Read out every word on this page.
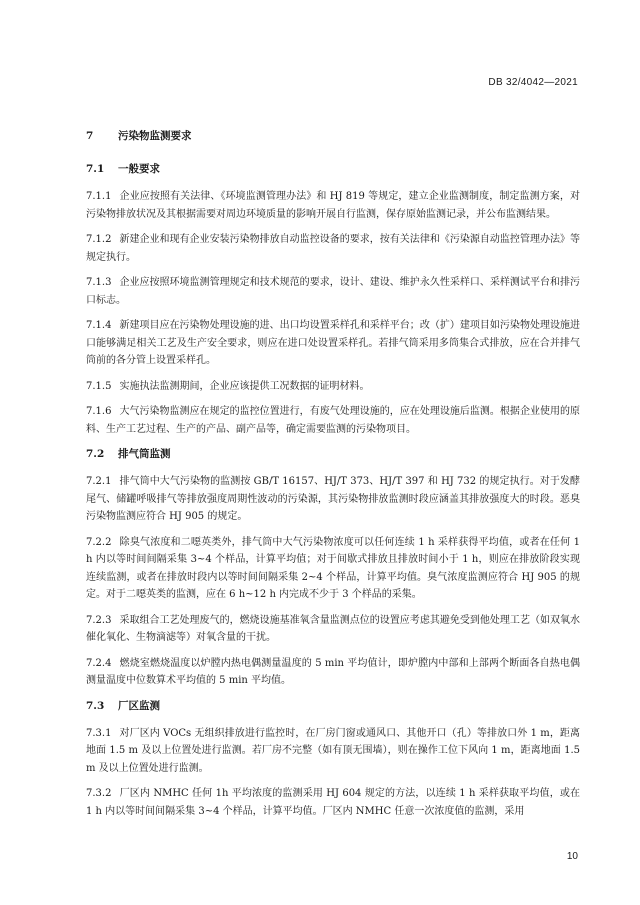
DB 32/4042—2021
7 污染物监测要求
7.1 一般要求

7.1.1 企业应按照有关法律、《环境监测管理办法》和 HJ 819 等规定，建立企业监测制度，制定监测方案，对污染物排放状况及其根据需要对周边环境质量的影响开展自行监测，保存原始监测记录，并公布监测结果。

7.1.2 新建企业和现有企业安装污染物排放自动监控设备的要求，按有关法律和《污染源自动监控管理办法》等规定执行。

7.1.3 企业应按照环境监测管理规定和技术规范的要求，设计、建设、维护永久性采样口、采样测试平台和排污口标志。

7.1.4 新建项目应在污染物处理设施的进、出口均设置采样孔和采样平台；改（扩）建项目如污染物处理设施进口能够满足相关工艺及生产安全要求，则应在进口处设置采样孔。若排气筒采用多筒集合式排放，应在合并排气筒前的各分管上设置采样孔。

7.1.5 实施执法监测期间，企业应该提供工况数据的证明材料。

7.1.6 大气污染物监测应在规定的监控位置进行，有废气处理设施的，应在处理设施后监测。根据企业使用的原料、生产工艺过程、生产的产品、副产品等，确定需要监测的污染物项目。

7.2 排气筒监测

7.2.1 排气筒中大气污染物的监测按 GB/T 16157、HJ/T 373、HJ/T 397 和 HJ 732 的规定执行。对于发酵尾气、储罐呼吸排气等排放强度周期性波动的污染源，其污染物排放监测时段应涵盖其排放强度大的时段。恶臭污染物监测应符合 HJ 905 的规定。

7.2.2 除臭气浓度和二噁英类外，排气筒中大气污染物浓度可以任何连续 1 h 采样获得平均值，或者在任何 1 h 内以等时间间隔采集 3~4 个样品，计算平均值；对于间歇式排放且排放时间小于 1 h，则应在排放阶段实现连续监测，或者在排放时段内以等时间间隔采集 2~4 个样品，计算平均值。臭气浓度监测应符合 HJ 905 的规定。对于二噁英类的监测，应在 6 h~12 h 内完成不少于 3 个样品的采集。

7.2.3 采取组合工艺处理废气的，燃烧设施基准氧含量监测点位的设置应考虑其避免受到他处理工艺（如双氧水催化氧化、生物滴滤等）对氧含量的干扰。

7.2.4 燃烧室燃烧温度以炉膛内热电偶测量温度的 5 min 平均值计，即炉膛内中部和上部两个断面各自热电偶测量温度中位数算术平均值的 5 min 平均值。

7.3 厂区监测

7.3.1 对厂区内 VOCs 无组织排放进行监控时，在厂房门窗或通风口、其他开口（孔）等排放口外 1 m，距离地面 1.5 m 及以上位置处进行监测。若厂房不完整（如有顶无围墙），则在操作工位下风向 1 m，距离地面 1.5 m 及以上位置处进行监测。

7.3.2 厂区内 NMHC 任何 1h 平均浓度的监测采用 HJ 604 规定的方法，以连续 1 h 采样获取平均值，或在 1 h 内以等时间间隔采集 3~4 个样品，计算平均值。厂区内 NMHC 任意一次浓度值的监测，采用

10
